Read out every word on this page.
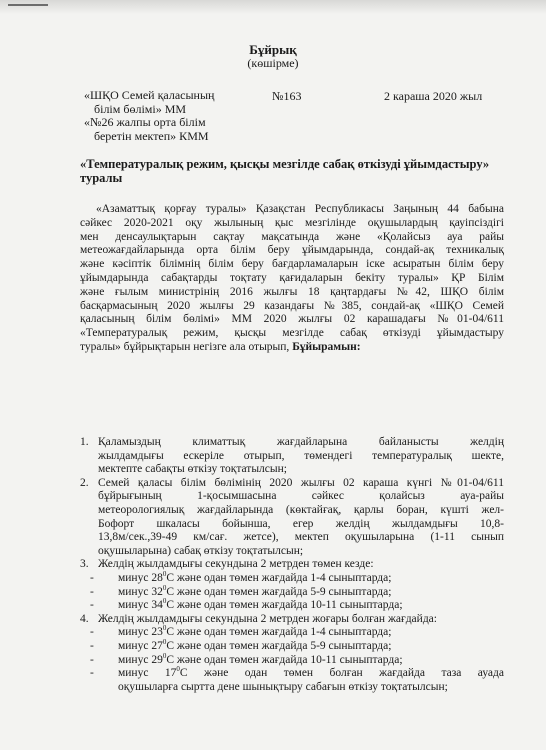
Бұйрық
(көшірме)
«ШҚО Семей қаласының
білім бөлімі» ММ
«№26 жалпы орта білім
беретін мектеп» КММ
№163	2 караша 2020 жыл
«Температуралық режим, қысқы мезгілде сабақ өткізуді ұйымдастыру»
туралы
«Азаматтық қорғау туралы» Қазақстан Республикасы Заңының 44 бабына
сәйкес 2020-2021 оқу жылының қыс мезгілінде оқушылардың қауіпсіздігі
мен денсаулықтарын сақтау мақсатында және «Қолайсыз ауа райы
метеожағдайларында орта білім беру ұйымдарында, сондай-ақ техникалық
және кәсіптік білімнің білім беру бағдарламаларын іске асыратын білім беру
ұйымдарында сабақтарды тоқтату қағидаларын бекіту туралы» ҚР Білім
және ғылым министрінің 2016 жылғы 18 қаңтардағы №42, ШҚО білім
басқармасының 2020 жылғы 29 казандағы №385, сондай-ақ «ШҚО Семей
қаласының білім бөлімі» ММ 2020 жылғы 02 карашадағы №01-04/611
«Температуралық режим, қысқы мезгілде сабақ өткізуді ұйымдастыру
туралы» бұйрықтарын негізге ала отырып, Бұйырамын:
1. Қаламыздың климаттық жағдайларына байланысты желдің
жылдамдығы ескеріле отырып, төмендегі температуралық шекте,
мектепте сабақты өткізу тоқтатылсын;
2. Семей қаласы білім бөлімінің 2020 жылғы 02 караша күнгі №01-04/611
бұйрығының 1-қосымшасына сәйкес қолайсыз ауа-райы
метеорологиялық жағдайларында (көктайғақ, қарлы боран, күшті жел-
Бофорт шкаласы бойынша, егер желдің жылдамдығы 10,8-
13,8м/сек.,39-49 км/сағ. жетсе), мектеп оқушыларына (1-11 сынып
оқушыларына) сабақ өткізу тоқтатылсын;
3. Желдің жылдамдығы секундына 2 метрден төмен кезде:
- минус $28^0С$ және одан төмен жағдайда 1-4 сыныптарда;
- минус $32^0С$ және одан төмен жағдайда 5-9 сыныптарда;
- минус $34^0С$ және одан төмен жағдайда 10-11 сыныптарда;
4. Желдің жылдамдығы секундына 2 метрден жоғары болған жағдайда:
- минус $23^0С$ және одан төмен жағдайда 1-4 сыныптарда;
- минус $27^0С$ және одан төмен жағдайда 5-9 сыныптарда;
- минус $29^0С$ және одан төмен жағдайда 10-11 сыныптарда;
- минус $17^0С$ және одан төмен болған жағдайда таза ауада
оқушыларға сыртта дене шынықтыру сабағын өткізу тоқтатылсын;
